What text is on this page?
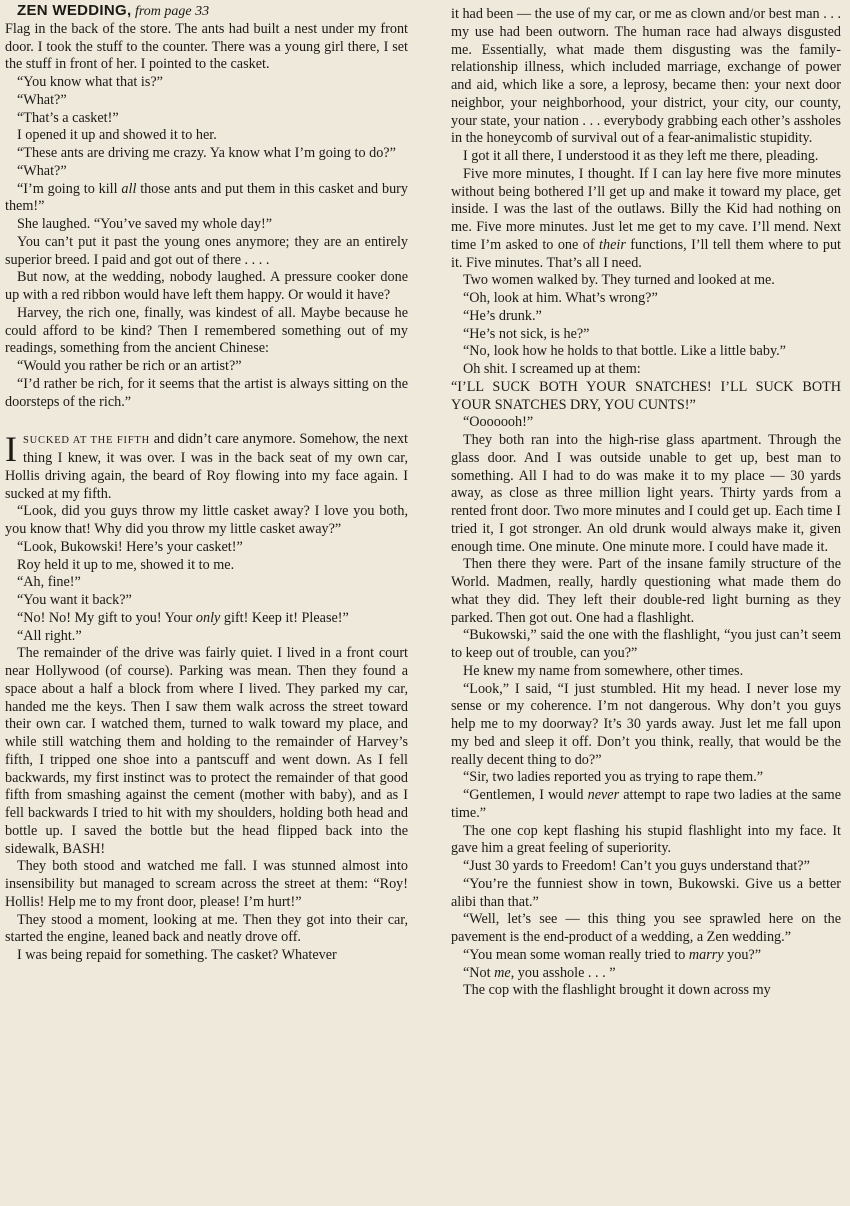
ZEN WEDDING, from page 33

Flag in the back of the store. The ants had built a nest under my front door. I took the stuff to the counter. There was a young girl there, I set the stuff in front of her. I pointed to the casket.

“You know what that is?”

“What?”

“That’s a casket!”

I opened it up and showed it to her.

“These ants are driving me crazy. Ya know what I’m going to do?”

“What?”

“I’m going to kill all those ants and put them in this casket and bury them!”

She laughed. “You’ve saved my whole day!”

You can’t put it past the young ones anymore; they are an entirely superior breed. I paid and got out of there . . . .

But now, at the wedding, nobody laughed. A pressure cooker done up with a red ribbon would have left them happy. Or would it have?

Harvey, the rich one, finally, was kindest of all. Maybe because he could afford to be kind? Then I remembered something out of my readings, something from the ancient Chinese:

“Would you rather be rich or an artist?”

“I’d rather be rich, for it seems that the artist is always sitting on the doorsteps of the rich.”

ISUCKED AT THE FIFTH and didn’t care anymore. Somehow, the next thing I knew, it was over. I was in the back seat of my own car, Hollis driving again, the beard of Roy flowing into my face again. I sucked at my fifth.

“Look, did you guys throw my little casket away? I love you both, you know that! Why did you throw my little casket away?”

“Look, Bukowski! Here’s your casket!”

Roy held it up to me, showed it to me.

“Ah, fine!”

“You want it back?”

“No! No! My gift to you! Your only gift! Keep it! Please!”

“All right.”

The remainder of the drive was fairly quiet. I lived in a front court near Hollywood (of course). Parking was mean. Then they found a space about a half a block from where I lived. They parked my car, handed me the keys. Then I saw them walk across the street toward their own car. I watched them, turned to walk toward my place, and while still watching them and holding to the remainder of Harvey’s fifth, I tripped one shoe into a pantscuff and went down. As I fell backwards, my first instinct was to protect the remainder of that good fifth from smashing against the cement (mother with baby), and as I fell backwards I tried to hit with my shoulders, holding both head and bottle up. I saved the bottle but the head flipped back into the sidewalk, BASH!

They both stood and watched me fall. I was stunned almost into insensibility but managed to scream across the street at them: “Roy! Hollis! Help me to my front door, please! I’m hurt!”

They stood a moment, looking at me. Then they got into their car, started the engine, leaned back and neatly drove off.

I was being repaid for something. The casket? Whatever

it had been — the use of my car, or me as clown and/or best man . . . my use had been outworn. The human race had always disgusted me. Essentially, what made them disgusting was the family-relationship illness, which included marriage, exchange of power and aid, which like a sore, a leprosy, became then: your next door neighbor, your neighborhood, your district, your city, our county, your state, your nation . . . everybody grabbing each other’s assholes in the honeycomb of survival out of a fear-animalistic stupidity.

I got it all there, I understood it as they left me there, pleading.

Five more minutes, I thought. If I can lay here five more minutes without being bothered I’ll get up and make it toward my place, get inside. I was the last of the outlaws. Billy the Kid had nothing on me. Five more minutes. Just let me get to my cave. I’ll mend. Next time I’m asked to one of their functions, I’ll tell them where to put it. Five minutes. That’s all I need.

Two women walked by. They turned and looked at me.

“Oh, look at him. What’s wrong?”

“He’s drunk.”

“He’s not sick, is he?”

“No, look how he holds to that bottle. Like a little baby.”

Oh shit. I screamed up at them:

“I’LL SUCK BOTH YOUR SNATCHES! I’LL SUCK BOTH YOUR SNATCHES DRY, YOU CUNTS!”

“Ooooooh!”

They both ran into the high-rise glass apartment. Through the glass door. And I was outside unable to get up, best man to something. All I had to do was make it to my place — 30 yards away, as close as three million light years. Thirty yards from a rented front door. Two more minutes and I could get up. Each time I tried it, I got stronger. An old drunk would always make it, given enough time. One minute. One minute more. I could have made it.

Then there they were. Part of the insane family structure of the World. Madmen, really, hardly questioning what made them do what they did. They left their double-red light burning as they parked. Then got out. One had a flashlight.

“Bukowski,” said the one with the flashlight, “you just can’t seem to keep out of trouble, can you?”

He knew my name from somewhere, other times.

“Look,” I said, “I just stumbled. Hit my head. I never lose my sense or my coherence. I’m not dangerous. Why don’t you guys help me to my doorway? It’s 30 yards away. Just let me fall upon my bed and sleep it off. Don’t you think, really, that would be the really decent thing to do?”

“Sir, two ladies reported you as trying to rape them.”

“Gentlemen, I would never attempt to rape two ladies at the same time.”

The one cop kept flashing his stupid flashlight into my face. It gave him a great feeling of superiority.

“Just 30 yards to Freedom! Can’t you guys understand that?”

“You’re the funniest show in town, Bukowski. Give us a better alibi than that.”

“Well, let’s see — this thing you see sprawled here on the pavement is the end-product of a wedding, a Zen wedding.”

“You mean some woman really tried to marry you?”

“Not me, you asshole . . . ”

The cop with the flashlight brought it down across my
